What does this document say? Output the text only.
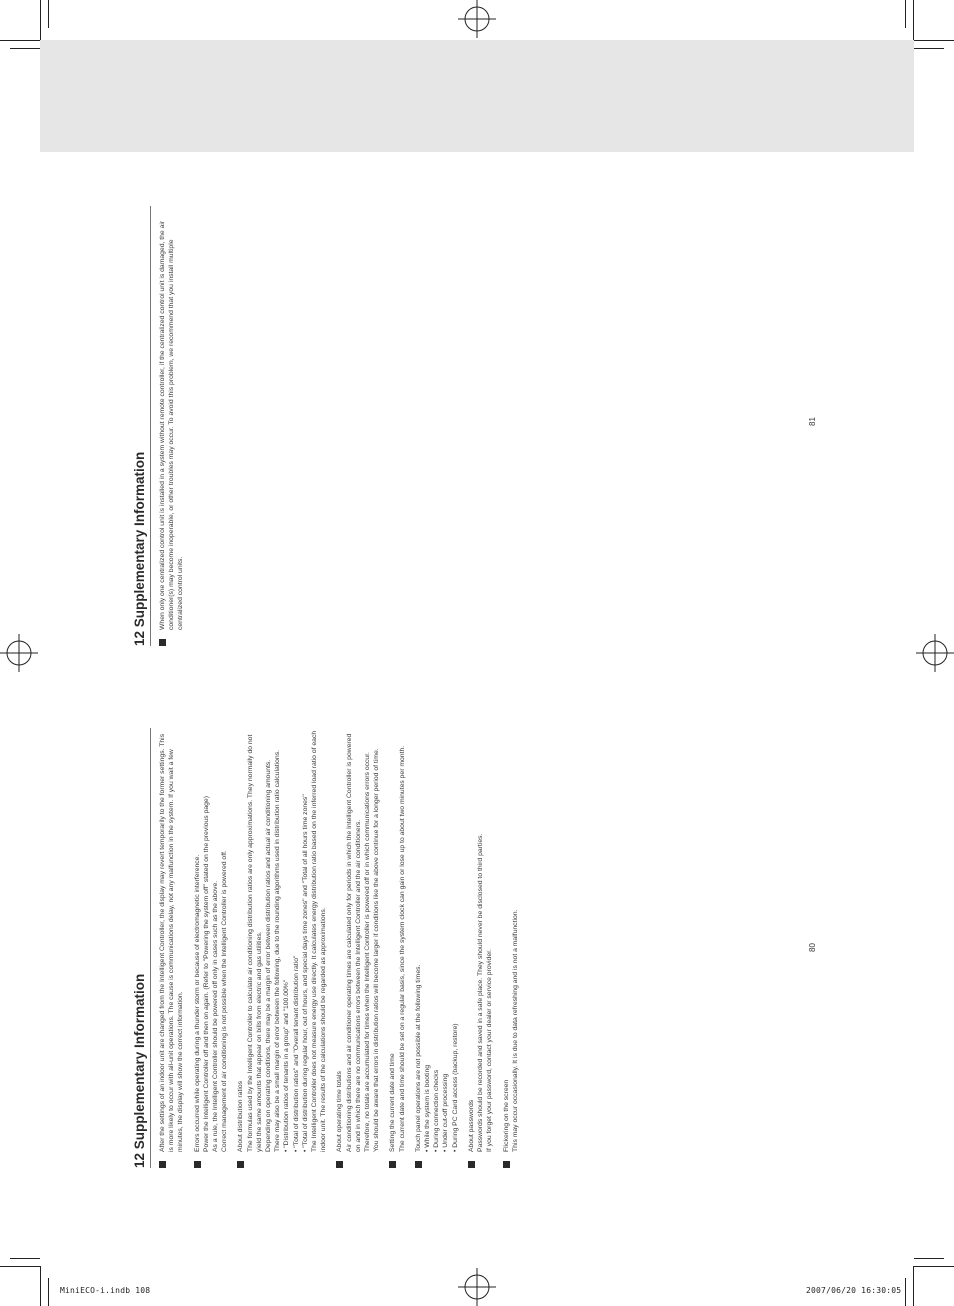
MiniECO-i.indb 108	2007/06/20 16:30:05
12 Supplementary Information	After the settings of an indoor unit are changed from the Intelligent Controller, the display may revert temporarily to the former settings. This is more likely to occur with all-unit operations. The cause is communications delay, not any malfunction in the system. If you wait a few minutes, the display will show the correct information. Errors occurred while operating during a thunder storm or because of electromagnetic interference. Power the Intelligent Controller off and then on again. (Refer to "Powering the system off" stated on the previous page) As a rule, the Intelligent Controller should be powered off only in cases such as the above. Correct management of air conditioning is not possible when the Intelligent Controller is powered off. About distribution ratios The formulas used by the Intelligent Controller to calculate air conditioning distribution ratios are only approximations. They normally do not yield the same amounts that appear on bills from electric and gas utilities. Depending on operating conditions, there may be a margin of error between distribution ratios and actual air conditioning amounts. There may also be a small margin of error between the following, due to the rounding algorithms used in distribution ratio calculations. • "Distribution ratios of tenants in a group" and "100.00%" • "Total of distribution ratios" and "Overall tenant distribution ratio" • "Total of distribution during regular hour, out of hours, and special days time zones" and "Total of all hours time zones" The Intelligent Controller does not measure energy use directly. It calculates energy distribution ratio based on the inferred load ratio of each indoor unit. The results of the calculations should be regarded as approximations. About operating time totals Air conditioning distributions and air conditioner operating times are calculated only for periods in which the Intelligent Controller is powered on and in which there are no communications errors between the Intelligent Controller and the air conditioners. Therefore, no totals are accumulated for times when the Intelligent Controller is powered off or in which communications errors occur. You should be aware that errors in distribution ratios will become larger if conditions like the above continue for a longer period of time. Setting the current date and time The current date and time should be set on a regular basis, since the system clock can gain or lose up to about two minutes per month. Touch panel operations are not possible at the following times. • While the system is booting • During connection checks • Under cut-off processing • During PC Card access (backup, restore) About passwords Passwords should be recorded and saved in a safe place. They should never be disclosed to third parties. If you forget your password, contact your dealer or service provider. Flickering on the screen This may occur occasionally. It is due to data refreshing and is not a malfunction.
12 Supplementary Information	When only one centralized control unit is installed in a system without remote controller, if the centralized control unit is damaged, the air conditioner(s) may become inoperable, or other troubles may occur. To avoid this problem, we recommend that you install multiple centralized control units.
80
81
